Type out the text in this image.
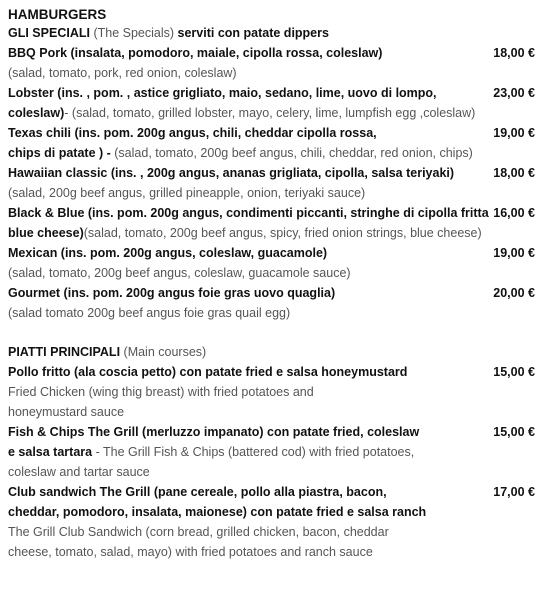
HAMBURGERS
GLI SPECIALI (The Specials) serviti con patate dippers
BBQ Pork (insalata, pomodoro, maiale, cipolla rossa, coleslaw)
(salad, tomato, pork, red onion, coleslaw)
18,00 €
Lobster (ins. , pom. , astice grigliato, maio, sedano, lime, uovo di lompo,
coleslaw)- (salad, tomato, grilled lobster, mayo, celery, lime, lumpfish egg ,coleslaw)
23,00 €
Texas chili (ins. pom. 200g angus, chili, cheddar cipolla rossa,
chips di patate ) - (salad, tomato, 200g beef angus, chili, cheddar, red onion, chips)
19,00 €
Hawaiian classic (ins. , 200g angus, ananas grigliata, cipolla, salsa teriyaki)
(salad, 200g beef angus, grilled pineapple, onion, teriyaki sauce)
18,00 €
Black & Blue (ins. pom. 200g angus, condimenti piccanti, stringhe di cipolla fritta
blue cheese)(salad, tomato, 200g beef angus, spicy, fried onion strings, blue cheese)
16,00 €
Mexican (ins. pom. 200g angus, coleslaw, guacamole)
(salad, tomato, 200g beef angus, coleslaw, guacamole sauce)
19,00 €
Gourmet (ins. pom. 200g angus foie gras uovo quaglia)
(salad tomato 200g beef angus foie gras quail egg)
20,00 €
PIATTI PRINCIPALI (Main courses)
Pollo fritto (ala coscia petto) con patate fried e salsa honeymustard
Fried Chicken (wing thig breast) with fried potatoes and
honeymustard sauce
15,00 €
Fish & Chips The Grill (merluzzo impanato) con patate fried, coleslaw
e salsa tartara - The Grill Fish & Chips (battered cod) with fried potatoes,
coleslaw and tartar sauce
15,00 €
Club sandwich The Grill (pane cereale, pollo alla piastra, bacon,
cheddar, pomodoro, insalata, maionese) con patate fried e salsa ranch
The Grill Club Sandwich (corn bread, grilled chicken, bacon, cheddar
cheese, tomato, salad, mayo) with fried potatoes and ranch sauce
17,00 €
